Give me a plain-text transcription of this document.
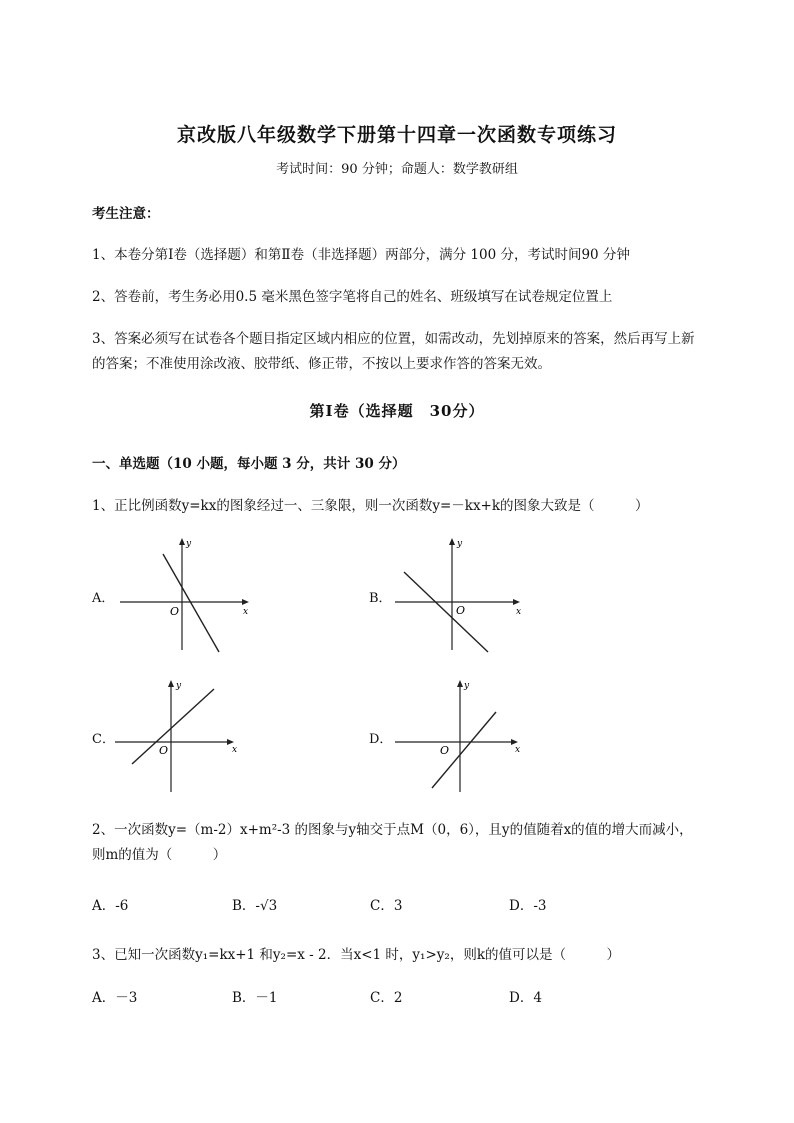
京改版八年级数学下册第十四章一次函数专项练习
考试时间：90 分钟；命题人：数学教研组
考生注意：
1、本卷分第Ⅰ卷（选择题）和第Ⅱ卷（非选择题）两部分，满分 100 分，考试时间90 分钟
2、答卷前，考生务必用0.5 毫米黑色签字笔将自己的姓名、班级填写在试卷规定位置上
3、答案必须写在试卷各个题目指定区域内相应的位置，如需改动，先划掉原来的答案，然后再写上新
的答案；不准使用涂改液、胶带纸、修正带，不按以上要求作答的答案无效。
第Ⅰ卷（选择题　30分）
一、单选题（10 小题，每小题 3 分，共计 30 分）
1、正比例函数y=kx的图象经过一、三象限，则一次函数y=－kx+k的图象大致是（　　　）
A．
x
y
O
B．
x
y
O
C．
x
y
O
D．
x
y
O
2、一次函数y=（m-2）x+m²-3 的图象与y轴交于点M（0，6），且y的值随着x的值的增大而减小，
则m的值为（　　　）
A．-6	B．-√3	C．3	D．-3
3、已知一次函数y₁=kx+1 和y₂=x - 2．当x<1 时，y₁>y₂，则k的值可以是（　　　）
A．－3	B．－1	C．2	D．4
